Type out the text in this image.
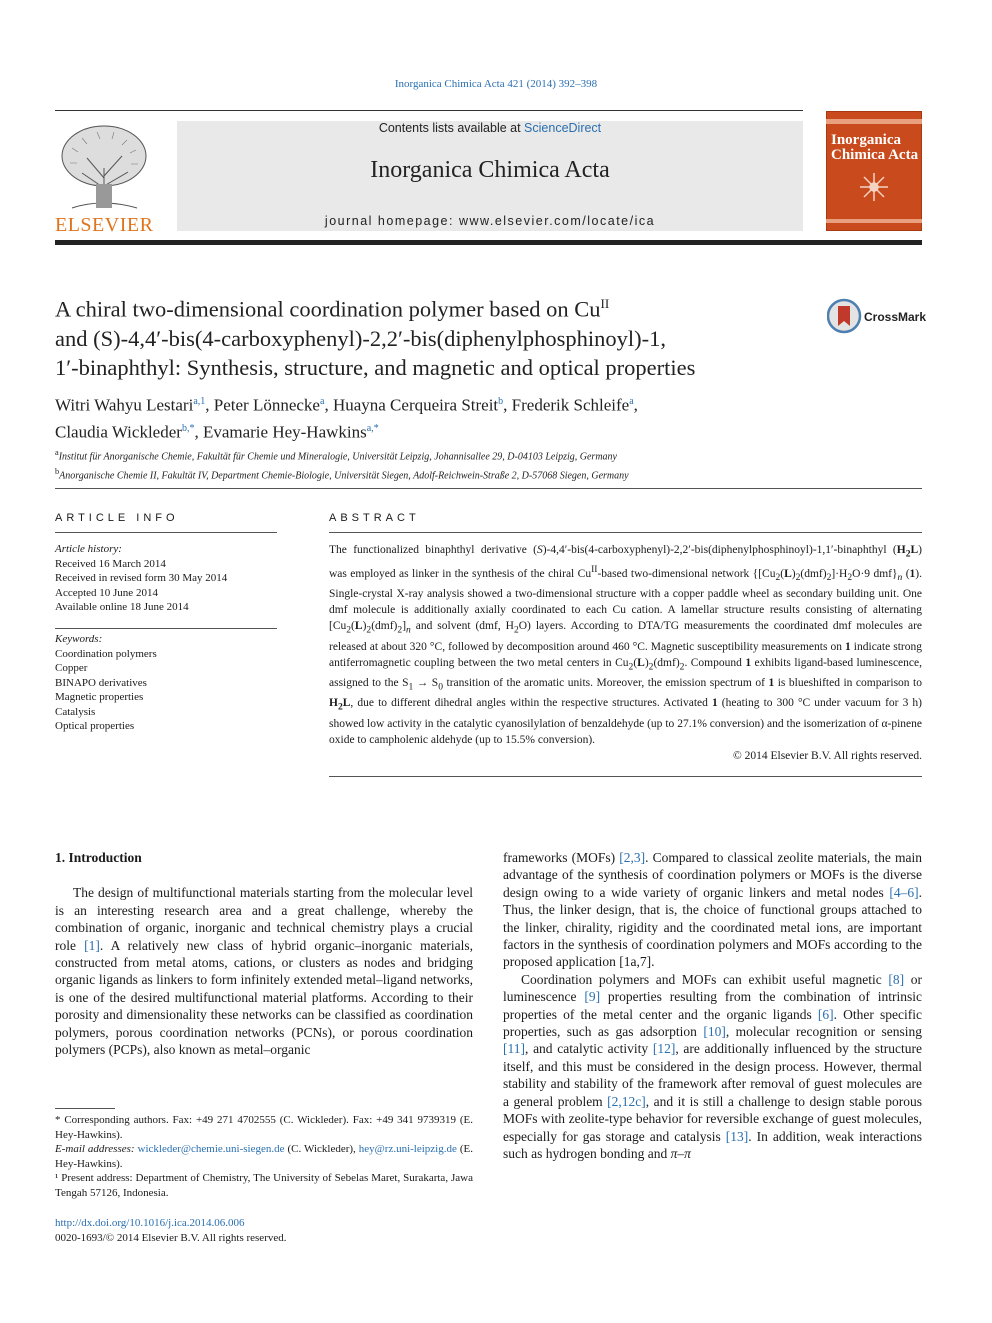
Inorganica Chimica Acta 421 (2014) 392–398
ELSEVIER
Contents lists available at ScienceDirect
Inorganica Chimica Acta
journal homepage: www.elsevier.com/locate/ica
Inorganica
Chimica Acta
A chiral two-dimensional coordination polymer based on $Cu^{II}$
and (S)-4,4′-bis(4-carboxyphenyl)-2,2′-bis(diphenylphosphinoyl)-1,
1′-binaphthyl: Synthesis, structure, and magnetic and optical properties
CrossMark
Witri Wahyu Lestari$^{a,1}$, Peter Lönnecke$^a$, Huayna Cerqueira Streit$^b$, Frederik Schleife$^a$,
Claudia Wickleder$^{b,*}$, Evamarie Hey-Hawkins$^{a,*}$
$^a$Institut für Anorganische Chemie, Fakultät für Chemie und Mineralogie, Universität Leipzig, Johannisallee 29, D-04103 Leipzig, Germany
$^b$Anorganische Chemie II, Fakultät IV, Department Chemie-Biologie, Universität Siegen, Adolf-Reichwein-Straße 2, D-57068 Siegen, Germany
ARTICLE INFO	ABSTRACT
Article history:
Received 16 March 2014
Received in revised form 30 May 2014
Accepted 10 June 2014
Available online 18 June 2014
Keywords:
Coordination polymers
Copper
BINAPO derivatives
Magnetic properties
Catalysis
Optical properties

The functionalized binaphthyl derivative (S)-4,4′-bis(4-carboxyphenyl)-2,2′-bis(diphenylphosphinoyl)-1,1′-binaphthyl $(H_2L)$ was employed as linker in the synthesis of the chiral $Cu^{II}$-based two-dimensional network {$[Cu_2(L)_2(dmf)_2]\cdot H_2O\cdot 9$ $dmf\}_n$ (1). Single-crystal X-ray analysis showed a two-dimensional structure with a copper paddle wheel as secondary building unit. One dmf molecule is additionally axially coordinated to each Cu cation. A lamellar structure results consisting of alternating $[Cu_2(L)_2(dmf)_2]_n$ and solvent (dmf, $H_2O$) layers. According to DTA/TG measurements the coordinated dmf molecules are released at about 320 °C, followed by decomposition around 460 °C. Magnetic susceptibility measurements on 1 indicate strong antiferromagnetic coupling between the two metal centers in $Cu_2(L)_2(dmf)_2$. Compound 1 exhibits ligand-based luminescence, assigned to the $S_1 \to S_0$ transition of the aromatic units. Moreover, the emission spectrum of 1 is blueshifted in comparison to $H_2L$, due to different dihedral angles within the respective structures. Activated 1 (heating to 300 °C under vacuum for 3 h) showed low activity in the catalytic cyanosilylation of benzaldehyde (up to 27.1% conversion) and the isomerization of α-pinene oxide to campholenic aldehyde (up to 15.5% conversion).

© 2014 Elsevier B.V. All rights reserved.

1. Introduction

The design of multifunctional materials starting from the molecular level is an interesting research area and a great challenge, whereby the combination of organic, inorganic and technical chemistry plays a crucial role [1]. A relatively new class of hybrid organic–inorganic materials, constructed from metal atoms, cations, or clusters as nodes and bridging organic ligands as linkers to form infinitely extended metal–ligand networks, is one of the desired multifunctional material platforms. According to their porosity and dimensionality these networks can be classified as coordination polymers, porous coordination networks (PCNs), or porous coordination polymers (PCPs), also known as metal–organic

frameworks (MOFs) [2,3]. Compared to classical zeolite materials, the main advantage of the synthesis of coordination polymers or MOFs is the diverse design owing to a wide variety of organic linkers and metal nodes [4–6]. Thus, the linker design, that is, the choice of functional groups attached to the linker, chirality, rigidity and the coordinated metal ions, are important factors in the synthesis of coordination polymers and MOFs according to the proposed application [1a,7].

Coordination polymers and MOFs can exhibit useful magnetic [8] or luminescence [9] properties resulting from the combination of intrinsic properties of the metal center and the organic ligands [6]. Other specific properties, such as gas adsorption [10], molecular recognition or sensing [11], and catalytic activity [12], are additionally influenced by the structure itself, and this must be considered in the design process. However, thermal stability and stability of the framework after removal of guest molecules are a general problem [2,12c], and it is still a challenge to design stable porous MOFs with zeolite-type behavior for reversible exchange of guest molecules, especially for gas storage and catalysis [13]. In addition, weak interactions such as hydrogen bonding and π–π

* Corresponding authors. Fax: +49 271 4702555 (C. Wickleder). Fax: +49 341 9739319 (E. Hey-Hawkins).

E-mail addresses: wickleder@chemie.uni-siegen.de (C. Wickleder), hey@rz.uni-leipzig.de (E. Hey-Hawkins).

¹ Present address: Department of Chemistry, The University of Sebelas Maret, Surakarta, Jawa Tengah 57126, Indonesia.

http://dx.doi.org/10.1016/j.ica.2014.06.006
0020-1693/© 2014 Elsevier B.V. All rights reserved.
